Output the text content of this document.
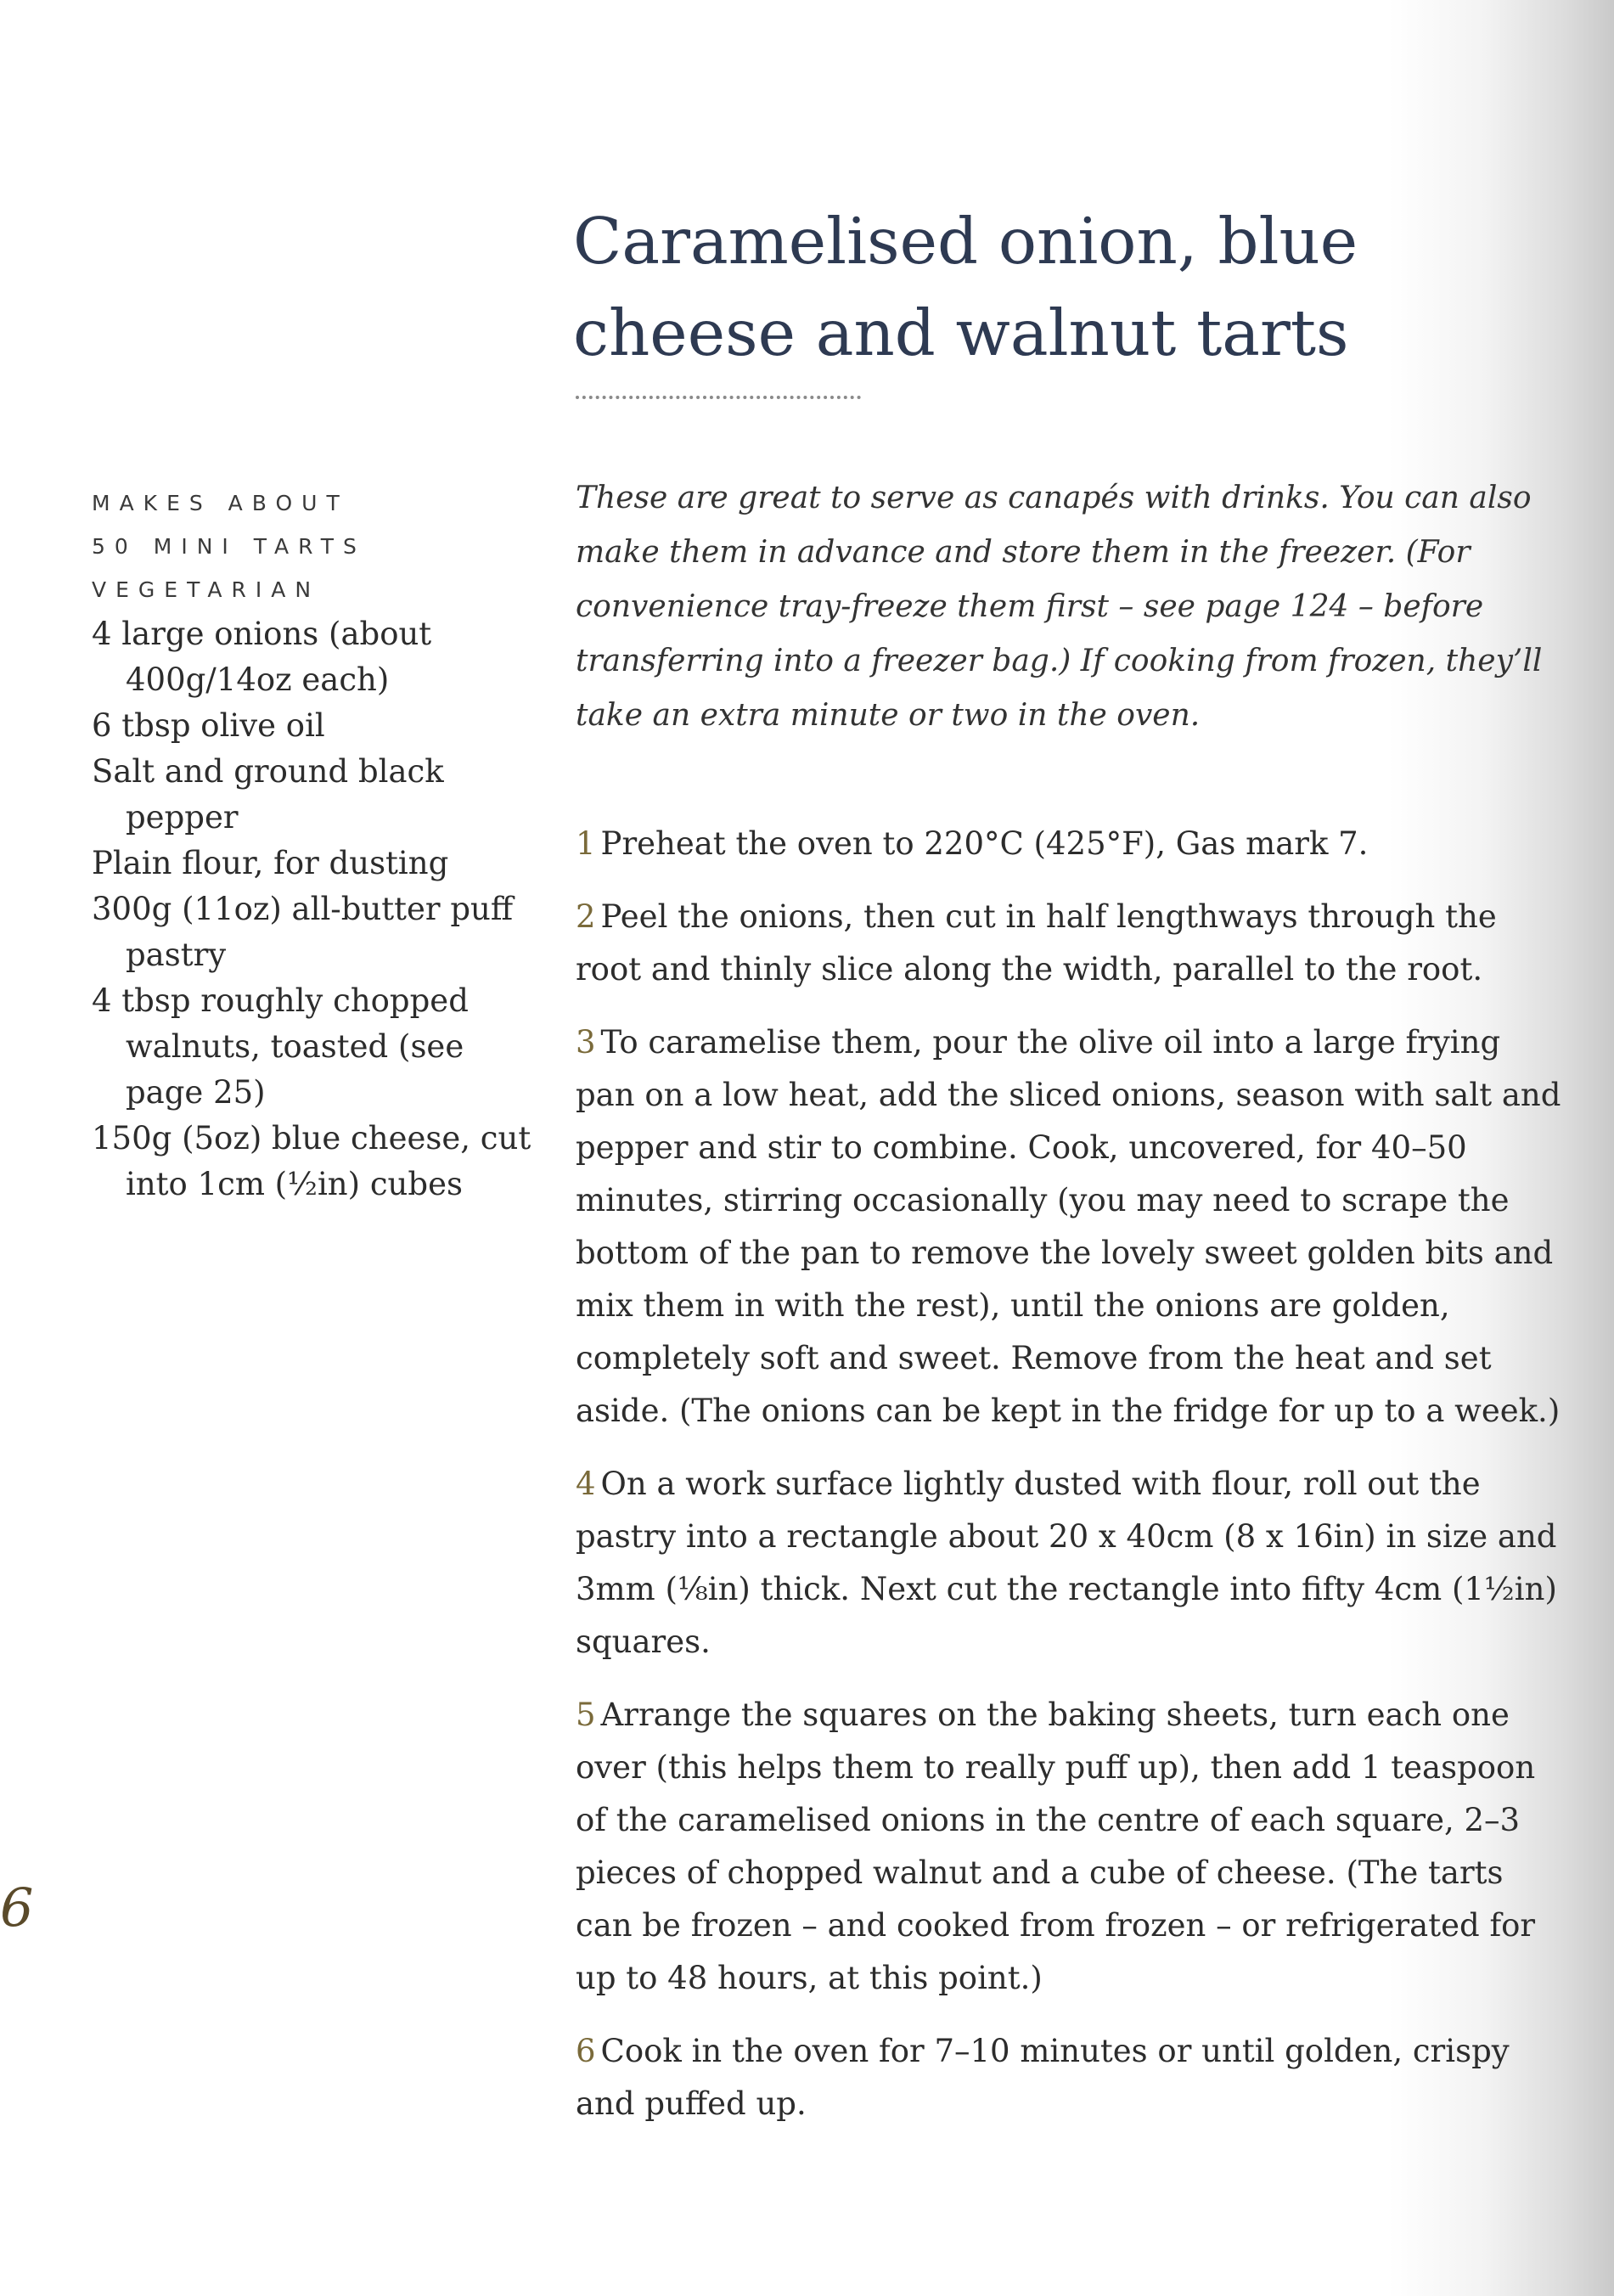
Caramelised onion, blue cheese and walnut tarts
MAKES ABOUT
50 MINI TARTS
VEGETARIAN
4 large onions (about 400g/14oz each)
6 tbsp olive oil
Salt and ground black pepper
Plain flour, for dusting
300g (11oz) all-butter puff pastry
4 tbsp roughly chopped walnuts, toasted (see page 25)
150g (5oz) blue cheese, cut into 1cm (½in) cubes

These are great to serve as canapés with drinks. You can also make them in advance and store them in the freezer. (For convenience tray-freeze them first – see page 124 – before transferring into a freezer bag.) If cooking from frozen, they’ll take an extra minute or two in the oven.

1 Preheat the oven to 220°C (425°F), Gas mark 7.

2 Peel the onions, then cut in half lengthways through the root and thinly slice along the width, parallel to the root.

3 To caramelise them, pour the olive oil into a large frying pan on a low heat, add the sliced onions, season with salt and pepper and stir to combine. Cook, uncovered, for 40–50 minutes, stirring occasionally (you may need to scrape the bottom of the pan to remove the lovely sweet golden bits and mix them in with the rest), until the onions are golden, completely soft and sweet. Remove from the heat and set aside. (The onions can be kept in the fridge for up to a week.)

4 On a work surface lightly dusted with flour, roll out the pastry into a rectangle about 20 x 40cm (8 x 16in) in size and 3mm (⅛in) thick. Next cut the rectangle into fifty 4cm (1½in) squares.

5 Arrange the squares on the baking sheets, turn each one over (this helps them to really puff up), then add 1 teaspoon of the caramelised onions in the centre of each square, 2–3 pieces of chopped walnut and a cube of cheese. (The tarts can be frozen – and cooked from frozen – or refrigerated for up to 48 hours, at this point.)

6 Cook in the oven for 7–10 minutes or until golden, crispy and puffed up.

6
